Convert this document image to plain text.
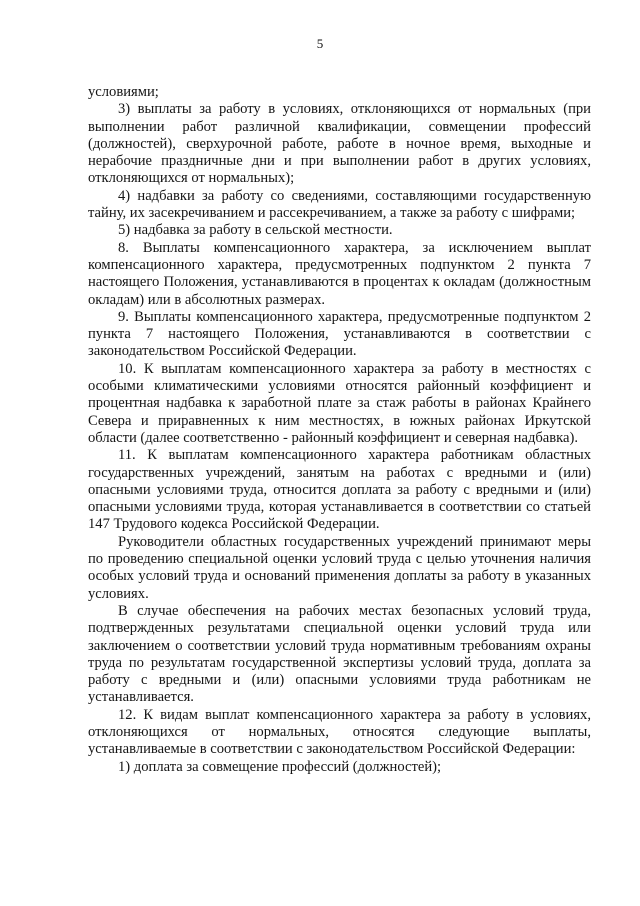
5

условиями;

3) выплаты за работу в условиях, отклоняющихся от нормальных (при выполнении работ различной квалификации, совмещении профессий (должностей), сверхурочной работе, работе в ночное время, выходные и нерабочие праздничные дни и при выполнении работ в других условиях, отклоняющихся от нормальных);

4) надбавки за работу со сведениями, составляющими государственную тайну, их засекречиванием и рассекречиванием, а также за работу с шифрами;

5) надбавка за работу в сельской местности.

8. Выплаты компенсационного характера, за исключением выплат компенсационного характера, предусмотренных подпунктом 2 пункта 7 настоящего Положения, устанавливаются в процентах к окладам (должностным окладам) или в абсолютных размерах.

9. Выплаты компенсационного характера, предусмотренные подпунктом 2 пункта 7 настоящего Положения, устанавливаются в соответствии с законодательством Российской Федерации.

10. К выплатам компенсационного характера за работу в местностях с особыми климатическими условиями относятся районный коэффициент и процентная надбавка к заработной плате за стаж работы в районах Крайнего Севера и приравненных к ним местностях, в южных районах Иркутской области (далее соответственно - районный коэффициент и северная надбавка).

11. К выплатам компенсационного характера работникам областных государственных учреждений, занятым на работах с вредными и (или) опасными условиями труда, относится доплата за работу с вредными и (или) опасными условиями труда, которая устанавливается в соответствии со статьей 147 Трудового кодекса Российской Федерации.

Руководители областных государственных учреждений принимают меры по проведению специальной оценки условий труда с целью уточнения наличия особых условий труда и оснований применения доплаты за работу в указанных условиях.

В случае обеспечения на рабочих местах безопасных условий труда, подтвержденных результатами специальной оценки условий труда или заключением о соответствии условий труда нормативным требованиям охраны труда по результатам государственной экспертизы условий труда, доплата за работу с вредными и (или) опасными условиями труда работникам не устанавливается.

12. К видам выплат компенсационного характера за работу в условиях, отклоняющихся от нормальных, относятся следующие выплаты, устанавливаемые в соответствии с законодательством Российской Федерации:

1) доплата за совмещение профессий (должностей);
